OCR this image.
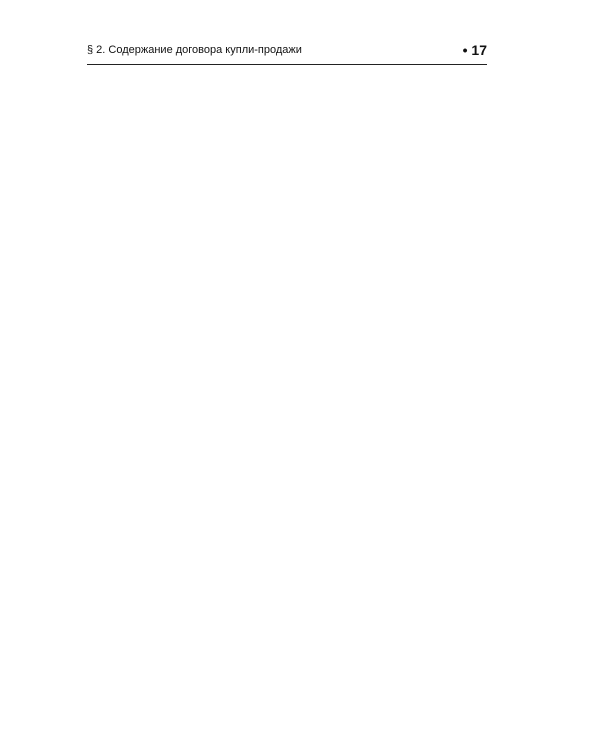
§ 2. Содержание договора купли-продажи	• 17
